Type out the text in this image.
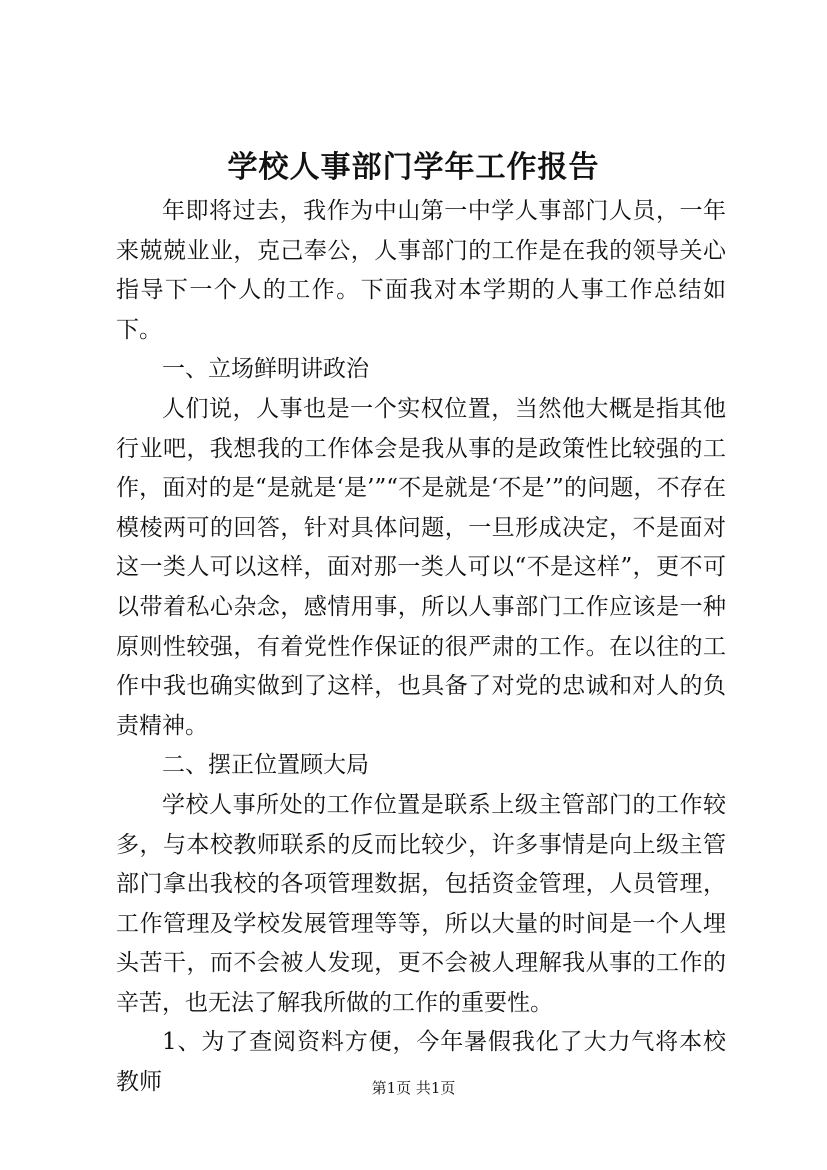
学校人事部门学年工作报告

年即将过去，我作为中山第一中学人事部门人员，一年来兢兢业业，克己奉公，人事部门的工作是在我的领导关心指导下一个人的工作。下面我对本学期的人事工作总结如下。

一、立场鲜明讲政治

人们说，人事也是一个实权位置，当然他大概是指其他行业吧，我想我的工作体会是我从事的是政策性比较强的工作，面对的是“是就是‘是’”“不是就是‘不是’”的问题，不存在模棱两可的回答，针对具体问题，一旦形成决定，不是面对这一类人可以这样，面对那一类人可以“不是这样”，更不可以带着私心杂念，感情用事，所以人事部门工作应该是一种原则性较强，有着党性作保证的很严肃的工作。在以往的工作中我也确实做到了这样，也具备了对党的忠诚和对人的负责精神。

二、摆正位置顾大局

学校人事所处的工作位置是联系上级主管部门的工作较多，与本校教师联系的反而比较少，许多事情是向上级主管部门拿出我校的各项管理数据，包括资金管理，人员管理，工作管理及学校发展管理等等，所以大量的时间是一个人埋头苦干，而不会被人发现，更不会被人理解我从事的工作的辛苦，也无法了解我所做的工作的重要性。

1、为了查阅资料方便，今年暑假我化了大力气将本校教师	第1页 共1页
